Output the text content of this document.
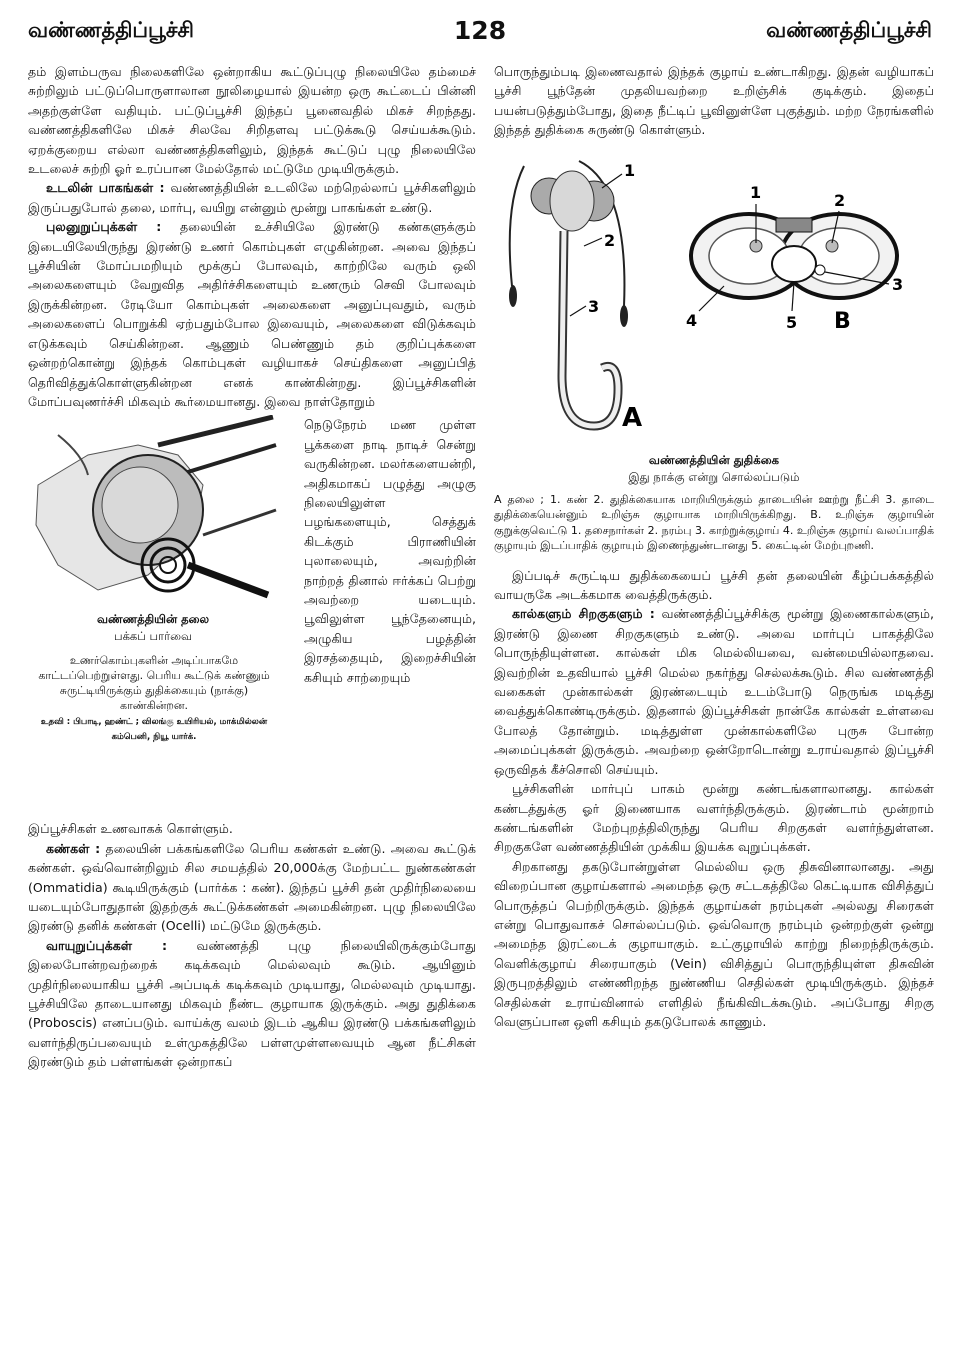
வண்ணத்திப்பூச்சி	128	வண்ணத்திப்பூச்சி

தம் இளம்பருவ நிலைகளிலே ஒன்றாகிய கூட்டுப்புழு நிலையிலே தம்மைச் சுற்றிலும் பட்டுப்பொருளாலான நூலிழையால் இயன்ற ஒரு கூட்டைப் பின்னி அதற்குள்ளே வதியும். பட்டுப்பூச்சி இந்தப் பூனைவதில் மிகச் சிறந்தது. வண்ணத்திகளிலே மிகச் சிலவே சிறிதளவு பட்டுக்கூடு செய்யக்கூடும். ஏறக்குறைய எல்லா வண்ணத்திகளிலும், இந்தக் கூட்டுப் புழு நிலையிலே உடலைச் சுற்றி ஓர் உரப்பான மேல்தோல் மட்டுமே முடியிருக்கும்.

உடலின் பாகங்கள் : வண்ணத்தியின் உடலிலே மற்றெல்லாப் பூச்சிகளிலும் இருப்பதுபோல் தலை, மார்பு, வயிறு என்னும் மூன்று பாகங்கள் உண்டு.

புலனுறுப்புக்கள் : தலையின் உச்சியிலே இரண்டு கண்களுக்கும் இடையிலேயிருந்து இரண்டு உணர் கொம்புகள் எழுகின்றன. அவை இந்தப் பூச்சியின் மோப்பமறியும் மூக்குப் போலவும், காற்றிலே வரும் ஒலி அலைகளையும் வேறுவித அதிர்ச்சிகளையும் உணரும் செவி போலவும் இருக்கின்றன. ரேடியோ கொம்புகள் அலைகளை அனுப்புவதும், வரும் அலைகளைப் பொறுக்கி ஏற்பதும்போல இவையும், அலைகளை விடுக்கவும் எடுக்கவும் செய்கின்றன. ஆணும் பெண்ணும் தம் குறிப்புக்களை ஒன்றற்கொன்று இந்தக் கொம்புகள் வழியாகச் செய்திகளை அனுப்பித் தெரிவித்துக்கொள்ளுகின்றன எனக் காண்கின்றது. இப்பூச்சிகளின் மோப்பவுணர்ச்சி மிகவும் கூர்மையானது. இவை நாள்தோறும்

வண்ணத்தியின் தலை
பக்கப் பார்வை
உணர்கொம்புகளின் அடிப்பாகமே காட்டப்பெற்றுள்ளது. பெரிய கூட்டுக் கண்ணும் சுருட்டியிருக்கும் துதிக்கையும் (நாக்கு) காண்கின்றன.
உதவி : பிபாடி, ஹண்ட் ; விலங்கு உயிரியல், மாக்மில்லன் கம்பெனி, நியூ யார்க்.
நெடுநேரம் மண முள்ள பூக்களை நாடி நாடிச் சென்று வருகின்றன. மலர்களையன்றி, அதிகமாகப் பழுத்து அழுகு நிலையிலுள்ள பழங்களையும், செத்துக் கிடக்கும் பிராணியின் புலாலையும், அவற்றின் நாற்றத் தினால் ஈர்க்கப் பெற்று அவற்றை யடையும். பூவிலுள்ள பூந்தேனையும், அழுகிய பழத்தின் இரசத்தையும், இறைச்சியின் கசியும் சாற்றையும்

இப்பூச்சிகள் உணவாகக் கொள்ளும்.

கண்கள் : தலையின் பக்கங்களிலே பெரிய கண்கள் உண்டு. அவை கூட்டுக் கண்கள். ஒவ்வொன்றிலும் சில சமயத்தில் 20,000க்கு மேற்பட்ட நுண்கண்கள் (Ommatidia) கூடியிருக்கும் (பார்க்க : கண்). இந்தப் பூச்சி தன் முதிர்நிலையை யடையும்போதுதான் இதற்குக் கூட்டுக்கண்கள் அமைகின்றன. புழு நிலையிலே இரண்டு தனிக் கண்கள் (Ocelli) மட்டுமே இருக்கும்.

வாயுறுப்புக்கள் : வண்ணத்தி புழு நிலையிலிருக்கும்போது இலைபோன்றவற்றைக் கடிக்கவும் மெல்லவும் கூடும். ஆயினும் முதிர்நிலையாகிய பூச்சி அப்படிக் கடிக்கவும் முடியாது, மெல்லவும் முடியாது. பூச்சியிலே தாடையானது மிகவும் நீண்ட குழாயாக இருக்கும். அது துதிக்கை (Proboscis) எனப்படும். வாய்க்கு வலம் இடம் ஆகிய இரண்டு பக்கங்களிலும் வளர்ந்திருப்பவையும் உள்முகத்திலே பள்ளமுள்ளவையும் ஆன நீட்சிகள் இரண்டும் தம் பள்ளங்கள் ஒன்றாகப்

பொருந்தும்படி இணைவதால் இந்தக் குழாய் உண்டாகிறது. இதன் வழியாகப் பூச்சி பூந்தேன் முதலியவற்றை உறிஞ்சிக் குடிக்கும். இதைப் பயன்படுத்தும்போது, இதை நீட்டிப் பூவினுள்ளே புகுத்தும். மற்ற நேரங்களில் இந்தத் துதிக்கை சுருண்டு கொள்ளும்.

1
2
3
A
1	2
3
4	5 B
வண்ணத்தியின் துதிக்கை
இது நாக்கு என்று சொல்லப்படும்
A தலை ; 1. கண் 2. துதிக்கையாக மாறியிருக்கும் தாடையின் ஊற்று நீட்சி 3. தாடை துதிக்கையென்னும் உறிஞ்சு குழாயாக மாறியிருக்கிறது. B. உறிஞ்சு குழாயின் குறுக்குவெட்டு 1. தசைநார்கள் 2. நரம்பு 3. காற்றுக்குழாய் 4. உறிஞ்சு குழாய் வலப்பாதிக் குழாயும் இடப்பாதிக் குழாயும் இணைந்துண்டானது 5. கைட்டின் மேற்புறணி.

இப்படிச் சுருட்டிய துதிக்கையைப் பூச்சி தன் தலையின் கீழ்ப்பக்கத்தில் வாயருகே அடக்கமாக வைத்திருக்கும்.

கால்களும் சிறகுகளும் : வண்ணத்திப்பூச்சிக்கு மூன்று இணைகால்களும், இரண்டு இணை சிறகுகளும் உண்டு. அவை மார்புப் பாகத்திலே பொருந்தியுள்ளன. கால்கள் மிக மெல்லியவை, வன்மையில்லாதவை. இவற்றின் உதவியால் பூச்சி மெல்ல நகர்ந்து செல்லக்கூடும். சில வண்ணத்தி வகைகள் முன்கால்கள் இரண்டையும் உடம்போடு நெருங்க மடித்து வைத்துக்கொண்டிருக்கும். இதனால் இப்பூச்சிகள் நான்கே கால்கள் உள்ளவை போலத் தோன்றும். மடித்துள்ள முன்கால்களிலே புருசு போன்ற அமைப்புக்கள் இருக்கும். அவற்றை ஒன்றோடொன்று உராய்வதால் இப்பூச்சி ஒருவிதக் கீச்சொலி செய்யும்.

பூச்சிகளின் மார்புப் பாகம் மூன்று கண்டங்களாலானது. கால்கள் கண்டத்துக்கு ஓர் இணையாக வளர்ந்திருக்கும். இரண்டாம் மூன்றாம் கண்டங்களின் மேற்புறத்திலிருந்து பெரிய சிறகுகள் வளர்ந்துள்ளன. சிறகுகளே வண்ணத்தியின் முக்கிய இயக்க வுறுப்புக்கள்.

சிறகானது தகடுபோன்றுள்ள மெல்லிய ஒரு திசுவினாலானது. அது விறைப்பான குழாய்களால் அமைந்த ஒரு சட்டகத்திலே கெட்டியாக விசித்துப் பொருத்தப் பெற்றிருக்கும். இந்தக் குழாய்கள் நரம்புகள் அல்லது சிரைகள் என்று பொதுவாகச் சொல்லப்படும். ஒவ்வொரு நரம்பும் ஒன்றற்குள் ஒன்று அமைந்த இரட்டைக் குழாயாகும். உட்குழாயில் காற்று நிறைந்திருக்கும். வெளிக்குழாய் சிரையாகும் (Vein) விசித்துப் பொருந்தியுள்ள திசுவின் இருபுறத்திலும் எண்ணிறந்த நுண்ணிய செதில்கள் மூடியிருக்கும். இந்தச் செதில்கள் உராய்வினால் எளிதில் நீங்கிவிடக்கூடும். அப்போது சிறகு வெளுப்பான ஒளி கசியும் தகடுபோலக் காணும்.
